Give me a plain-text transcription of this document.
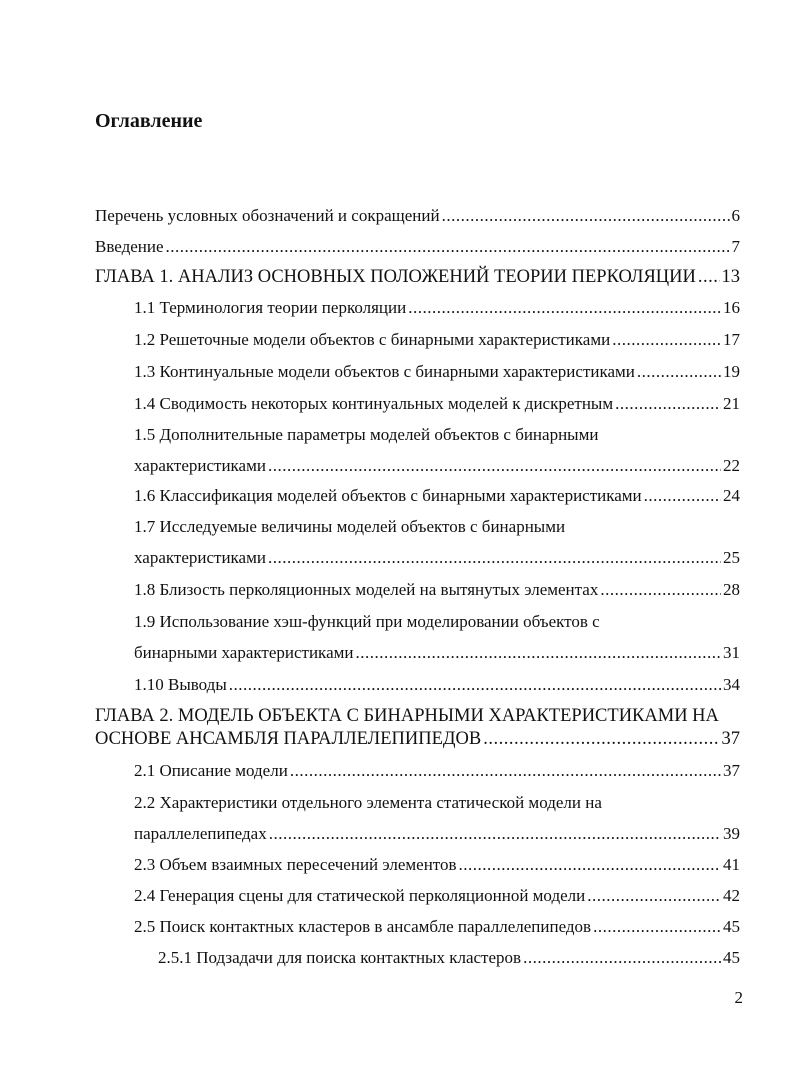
Оглавление
Перечень условных обозначений и сокращений .....	6
Введение .....	7
ГЛАВА 1. АНАЛИЗ ОСНОВНЫХ ПОЛОЖЕНИЙ ТЕОРИИ ПЕРКОЛЯЦИИ ..... 13
1.1 Терминология теории перколяции .....	16
1.2 Решеточные модели объектов с бинарными характеристиками .....	17
1.3 Континуальные модели объектов с бинарными характеристиками .....	19
1.4 Сводимость некоторых континуальных моделей к дискретным .....	21
1.5 Дополнительные параметры моделей объектов с бинарными
характеристиками .....	22
1.6 Классификация моделей объектов с бинарными характеристиками .....	24
1.7 Исследуемые величины моделей объектов с бинарными
характеристиками .....	25
1.8 Близость перколяционных моделей на вытянутых элементах .....	28
1.9 Использование хэш-функций при моделировании объектов с
бинарными характеристиками .....	31
1.10 Выводы .....	34
ГЛАВА 2. МОДЕЛЬ ОБЪЕКТА С БИНАРНЫМИ ХАРАКТЕРИСТИКАМИ НА
ОСНОВЕ АНСАМБЛЯ ПАРАЛЛЕЛЕПИПЕДОВ .....	37
2.1 Описание модели .....	37
2.2 Характеристики отдельного элемента статической модели на
параллелепипедах .....	39
2.3 Объем взаимных пересечений элементов .....	41
2.4 Генерация сцены для статической перколяционной модели .....	42
2.5 Поиск контактных кластеров в ансамбле параллелепипедов .....	45
2.5.1 Подзадачи для поиска контактных кластеров .....	45
2
